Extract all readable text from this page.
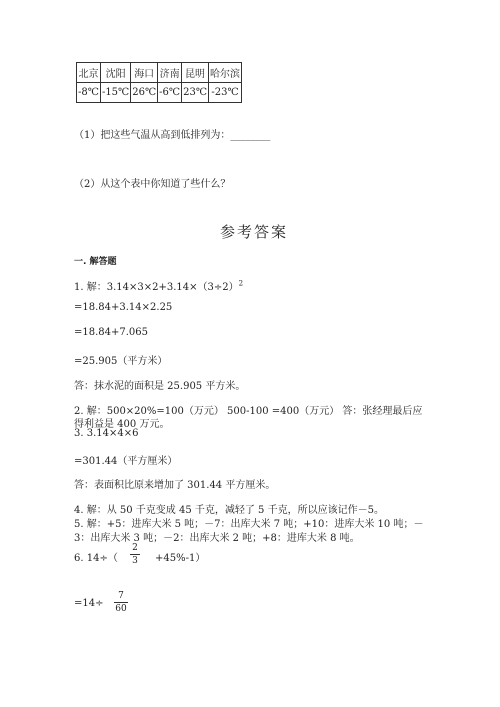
北京	沈阳	海口	济南	昆明	哈尔滨
-8℃	-15℃	26℃	-6℃	23℃	-23℃
（1）把这些气温从高到低排列为：________
（2）从这个表中你知道了些什么？
参考答案
一. 解答题
1. 解：$3.14\times 3\times 2+3.14\times(3\div 2)^2$
=18.84+3.14×2.25
=18.84+7.065
=25.905（平方米）
答：抹水泥的面积是 25.905 平方米。
2. 解：500×20%=100（万元） 500-100 =400（万元） 答：张经理最后应
得利益是 400 万元。
3. 3.14×4×6
=301.44（平方厘米）
答：表面积比原来增加了 301.44 平方厘米。
4. 解：从 50 千克变成 45 千克，减轻了 5 千克，所以应该记作－5。
5. 解：+5：进库大米 5 吨；－7：出库大米 7 吨；+10：进库大米 10 吨；－
3：出库大米 3 吨；－2：出库大米 2 吨；+8：进库大米 8 吨。
6. 14÷（
2
3 +45%-1）
=14÷
7
60
